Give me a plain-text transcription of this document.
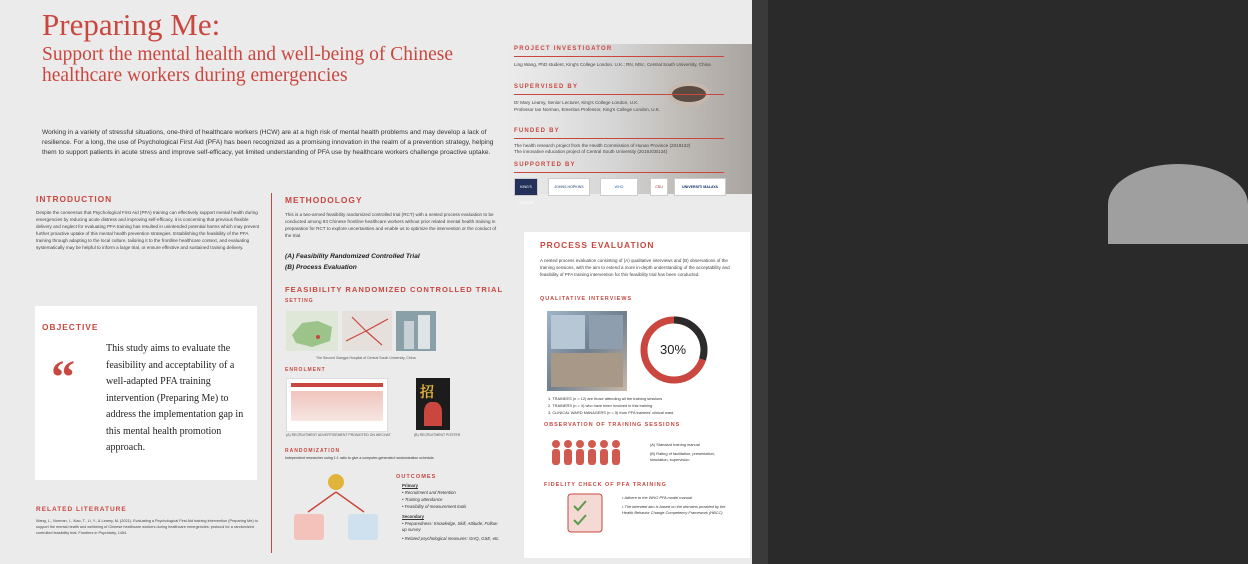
Preparing Me:
Support the mental health and well-being of Chinese healthcare workers during emergencies
Working in a variety of stressful situations, one-third of healthcare workers (HCW) are at a high risk of mental health problems and may develop a lack of resilience. For a long, the use of Psychological First Aid (PFA) has been recognized as a promising innovation in the realm of a prevention strategy, helping them to support patients in acute stress and improve self-efficacy, yet limited understanding of PFA use by healthcare workers challenge proactive uptake.
PROJECT INVESTIGATOR
Ling Wang, PhD student, King's College London, U.K.; RN, MSc, Central South University, China
SUPERVISED BY
Dr Mary Leamy, Senior Lecturer, King's College London, U.K.
Professor Ian Norman, Emeritus Professor, King's College London, U.K.
FUNDED BY
The health research project from the Health Commission of Hunan Province (2019132)
The innovative education project of Central South University (2019JGB134)
SUPPORTED BY
KING'S LONDON
JOHNS HOPKINS	WHO	CSU	UNIVERSITI MALAYA
INTRODUCTION
Despite the consensus that Psychological First Aid (PFA) training can effectively support mental health during emergencies by reducing acute distress and improving self-efficacy, it is concerning that previous flexible delivery and neglect for evaluating PFA training has resulted in unintended potential harms which may prevent further proactive uptake of this mental health prevention strategies. Establishing the feasibility of the PFA training through adapting to the local culture, tailoring it to the frontline healthcare context, and evaluating systematically may be helpful to inform a large trial, or ensure effective and sustained training delivery.
OBJECTIVE
“
This study aims to evaluate the feasibility and acceptability of a well-adapted PFA training intervention (Preparing Me) to address the implementation gap in this mental health promotion approach.
RELATED LITERATURE
Wang, L., Norman, I., Xiao, T., Li, Y., & Leamy, M. (2021). Evaluating a Psychological First Aid training intervention (Preparing Me) to support the mental health and wellbeing of Chinese healthcare workers during healthcare emergencies: protocol for a randomized controlled feasibility trial. Frontiers in Psychiatry, 1454.
METHODOLOGY
This is a two-armed feasibility randomized controlled trial (RCT) with a nested process evaluation to be conducted among 93 Chinese frontline healthcare workers without prior related mental health training in preparation for RCT to explore uncertainties and enable us to optimize the intervention or the conduct of the trial.
(A) Feasibility Randomized Controlled Trial
(B) Process Evaluation
FEASIBILITY RANDOMIZED CONTROLLED TRIAL
SETTING
The Second Xiangya Hospital of Central South University, China
ENROLMENT
招
(A) RECRUITMENT ADVERTISEMENT PROMOTED ON WECHAT	(B) RECRUITMENT POSTER
RANDOMIZATION
Independent researcher using 1:1 ratio to give a computer-generated randomization schedule.
OUTCOMES
Primary
• Recruitment and Retention
• Training attendance
• Feasibility of measurement tools
Secondary
• Preparedness: Knowledge, Skill, Attitude; Follow-up survey
• Related psychological measures: GHQ, GSE, etc.
PROCESS EVALUATION
A nested process evaluation consisting of (A) qualitative interviews and (B) observations of the training sessions, with the aim to extend a more in-depth understanding of the acceptability and feasibility of PFA training intervention for this feasibility trial has been conducted.
QUALITATIVE INTERVIEWS
30%
1. TRAINEES (n = 12) are those attending all the training sessions
2. TRAINERS (n = 4) who have been involved in this training
3. CLINICAL WARD MANAGERS (n = 5) from PFA trainees' clinical ward
OBSERVATION OF TRAINING SESSIONS
(A) Standard training manual
(B) Rating of facilitation, presentation, simulation, supervision
FIDELITY CHECK OF PFA TRAINING
• Adhere to the WHO PFA model manual
• The intended aim is based on the domains provided by the Health Behavior Change Competency Framework (HBCC)
